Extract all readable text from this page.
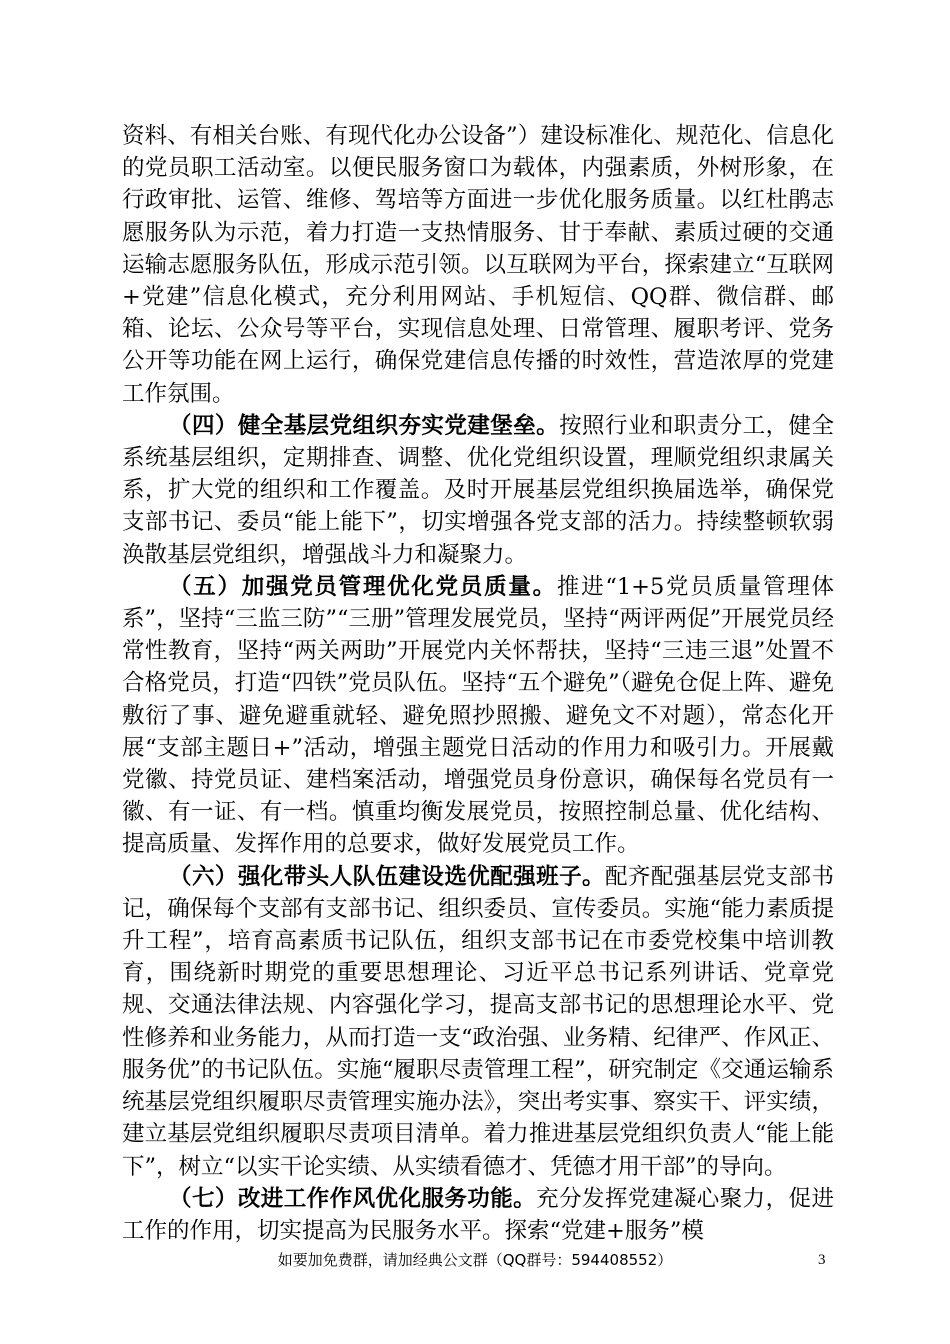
资料、有相关台账、有现代化办公设备”）建设标准化、规范化、信息化的党员职工活动室。以便民服务窗口为载体，内强素质，外树形象，在行政审批、运管、维修、驾培等方面进一步优化服务质量。以红杜鹃志愿服务队为示范，着力打造一支热情服务、甘于奉献、素质过硬的交通运输志愿服务队伍，形成示范引领。以互联网为平台，探索建立“互联网+党建”信息化模式，充分利用网站、手机短信、QQ群、微信群、邮箱、论坛、公众号等平台，实现信息处理、日常管理、履职考评、党务公开等功能在网上运行，确保党建信息传播的时效性，营造浓厚的党建工作氛围。

（四）健全基层党组织夯实党建堡垒。按照行业和职责分工，健全系统基层组织，定期排查、调整、优化党组织设置，理顺党组织隶属关系，扩大党的组织和工作覆盖。及时开展基层党组织换届选举，确保党支部书记、委员“能上能下”，切实增强各党支部的活力。持续整顿软弱涣散基层党组织，增强战斗力和凝聚力。

（五）加强党员管理优化党员质量。推进“1+5党员质量管理体系”，坚持“三监三防”“三册”管理发展党员，坚持“两评两促”开展党员经常性教育，坚持“两关两助”开展党内关怀帮扶，坚持“三违三退”处置不合格党员，打造“四铁”党员队伍。坚持“五个避免”（避免仓促上阵、避免敷衍了事、避免避重就轻、避免照抄照搬、避免文不对题），常态化开展“支部主题日+”活动，增强主题党日活动的作用力和吸引力。开展戴党徽、持党员证、建档案活动，增强党员身份意识，确保每名党员有一徽、有一证、有一档。慎重均衡发展党员，按照控制总量、优化结构、提高质量、发挥作用的总要求，做好发展党员工作。

（六）强化带头人队伍建设选优配强班子。配齐配强基层党支部书记，确保每个支部有支部书记、组织委员、宣传委员。实施“能力素质提升工程”，培育高素质书记队伍，组织支部书记在市委党校集中培训教育，围绕新时期党的重要思想理论、习近平总书记系列讲话、党章党规、交通法律法规、内容强化学习，提高支部书记的思想理论水平、党性修养和业务能力，从而打造一支“政治强、业务精、纪律严、作风正、服务优”的书记队伍。实施“履职尽责管理工程”，研究制定《交通运输系统基层党组织履职尽责管理实施办法》，突出考实事、察实干、评实绩，建立基层党组织履职尽责项目清单。着力推进基层党组织负责人“能上能下”，树立“以实干论实绩、从实绩看德才、凭德才用干部”的导向。

（七）改进工作作风优化服务功能。充分发挥党建凝心聚力，促进工作的作用，切实提高为民服务水平。探索“党建+服务”模

如要加免费群，请加经典公文群（QQ群号：594408552）	3
